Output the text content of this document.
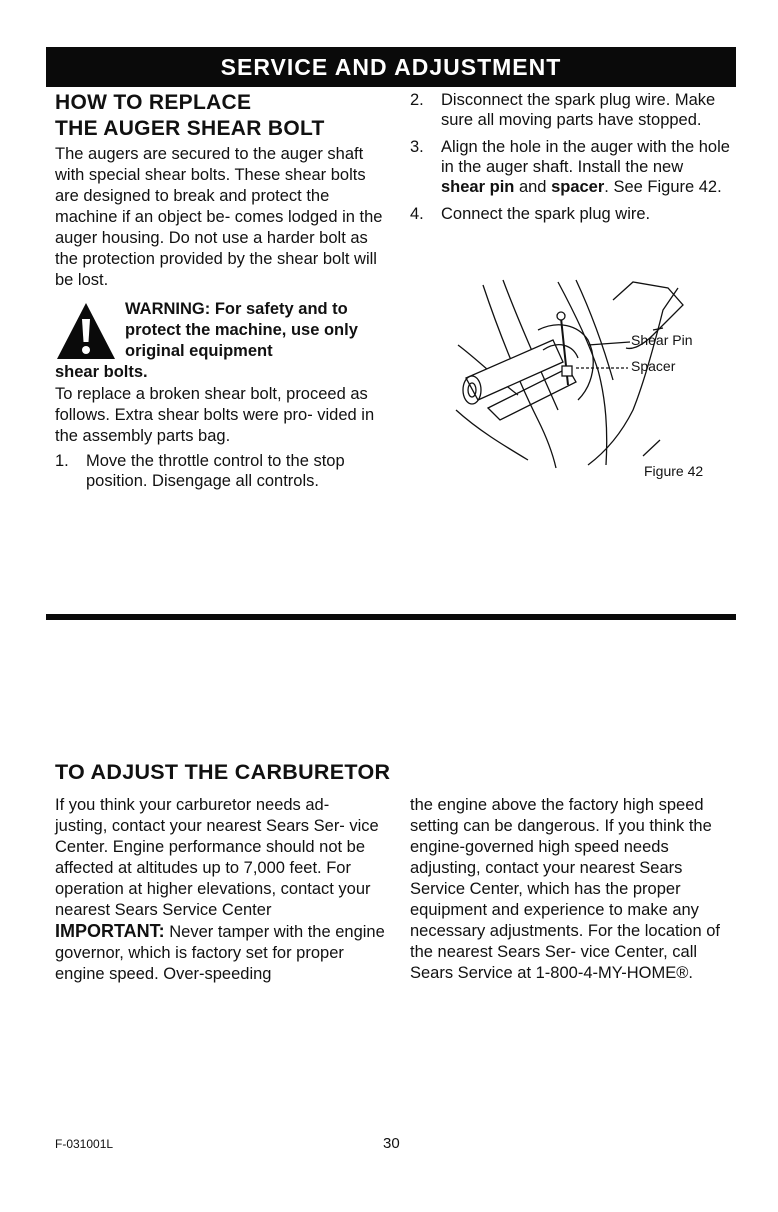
SERVICE AND ADJUSTMENT
HOW TO REPLACE
THE AUGER SHEAR BOLT

The augers are secured to the auger shaft with special shear bolts. These shear bolts are designed to break and protect the machine if an object be- comes lodged in the auger housing. Do not use a harder bolt as the protection provided by the shear bolt will be lost.

WARNING: For safety and to protect the machine, use only original equipment
shear bolts.

To replace a broken shear bolt, proceed as follows. Extra shear bolts were pro- vided in the assembly parts bag.

1. Move the throttle control to the stop position. Disengage all controls.
2. Disconnect the spark plug wire. Make sure all moving parts have stopped.
3. Align the hole in the auger with the hole in the auger shaft. Install the new shear pin and spacer. See Figure 42.
4. Connect the spark plug wire.
Shear Pin
Spacer
Figure 42
TO ADJUST THE CARBURETOR
If you think your carburetor needs ad- justing, contact your nearest Sears Ser- vice Center. Engine performance should not be affected at altitudes up to 7,000 feet. For operation at higher elevations, contact your nearest Sears Service Center
IMPORTANT: Never tamper with the engine governor, which is factory set for proper engine speed. Over-speeding
the engine above the factory high speed setting can be dangerous. If you think the engine-governed high speed needs adjusting, contact your nearest Sears Service Center, which has the proper equipment and experience to make any necessary adjustments. For the location of the nearest Sears Ser- vice Center, call Sears Service at 1-800-4-MY-HOME®.
F-031001L	30
